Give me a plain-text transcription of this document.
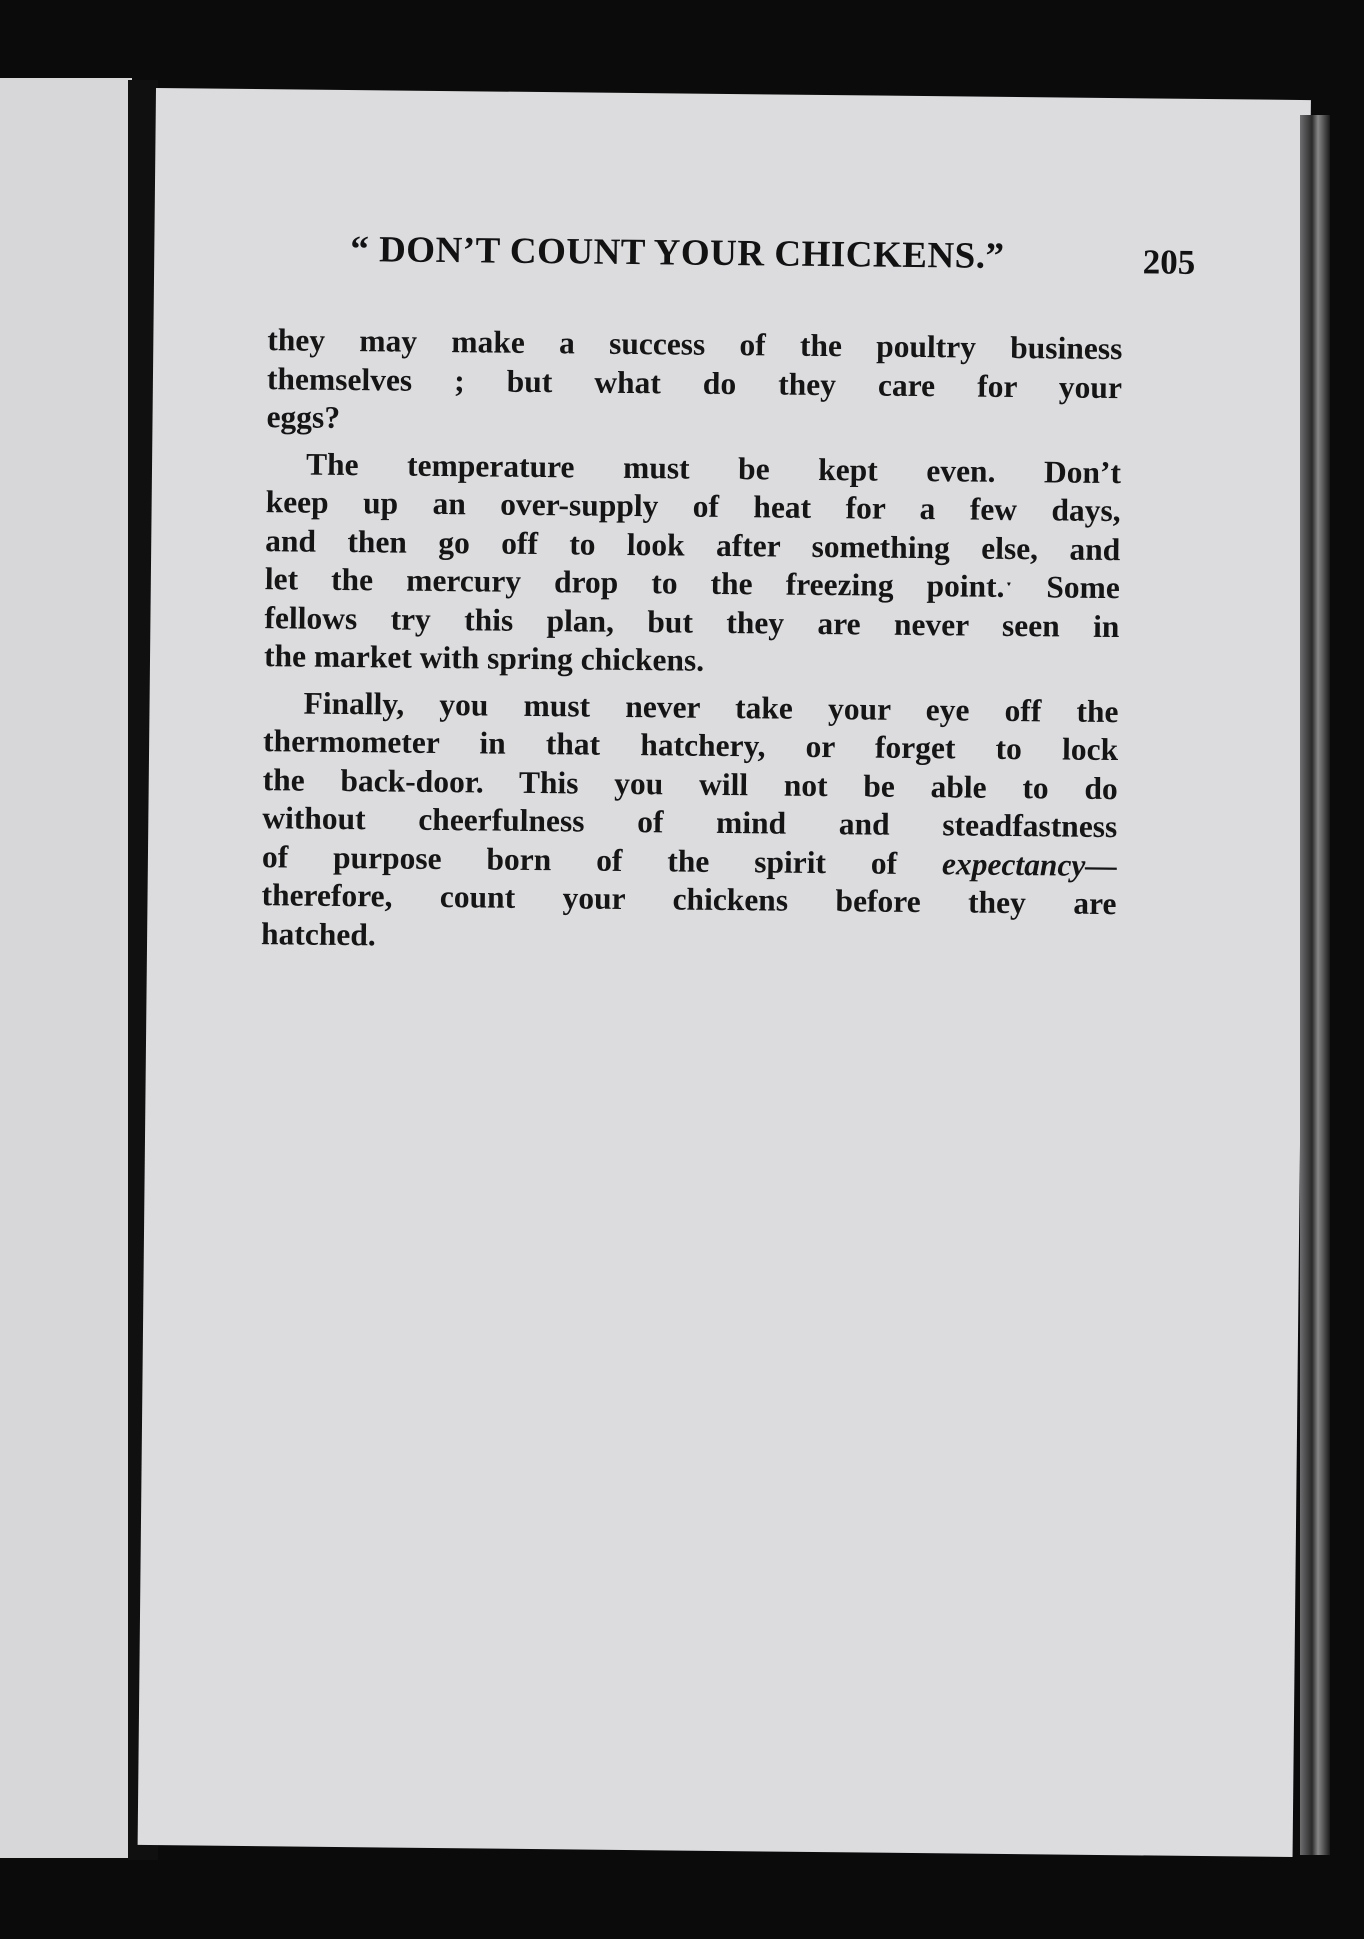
“ DON’T COUNT YOUR CHICKENS.”	205
they may make a success of the poultry business
themselves ; but what do they care for your
eggs?
The temperature must be kept even. Don’t
keep up an over-supply of heat for a few days,
and then go off to look after something else, and
let the mercury drop to the freezing point.ˑ Some
fellows try this plan, but they are never seen in
the market with spring chickens.
Finally, you must never take your eye off the
thermometer in that hatchery, or forget to lock
the back-door. This you will not be able to do
without cheerfulness of mind and steadfastness
of purpose born of the spirit of expectancy—
therefore, count your chickens before they are
hatched.
